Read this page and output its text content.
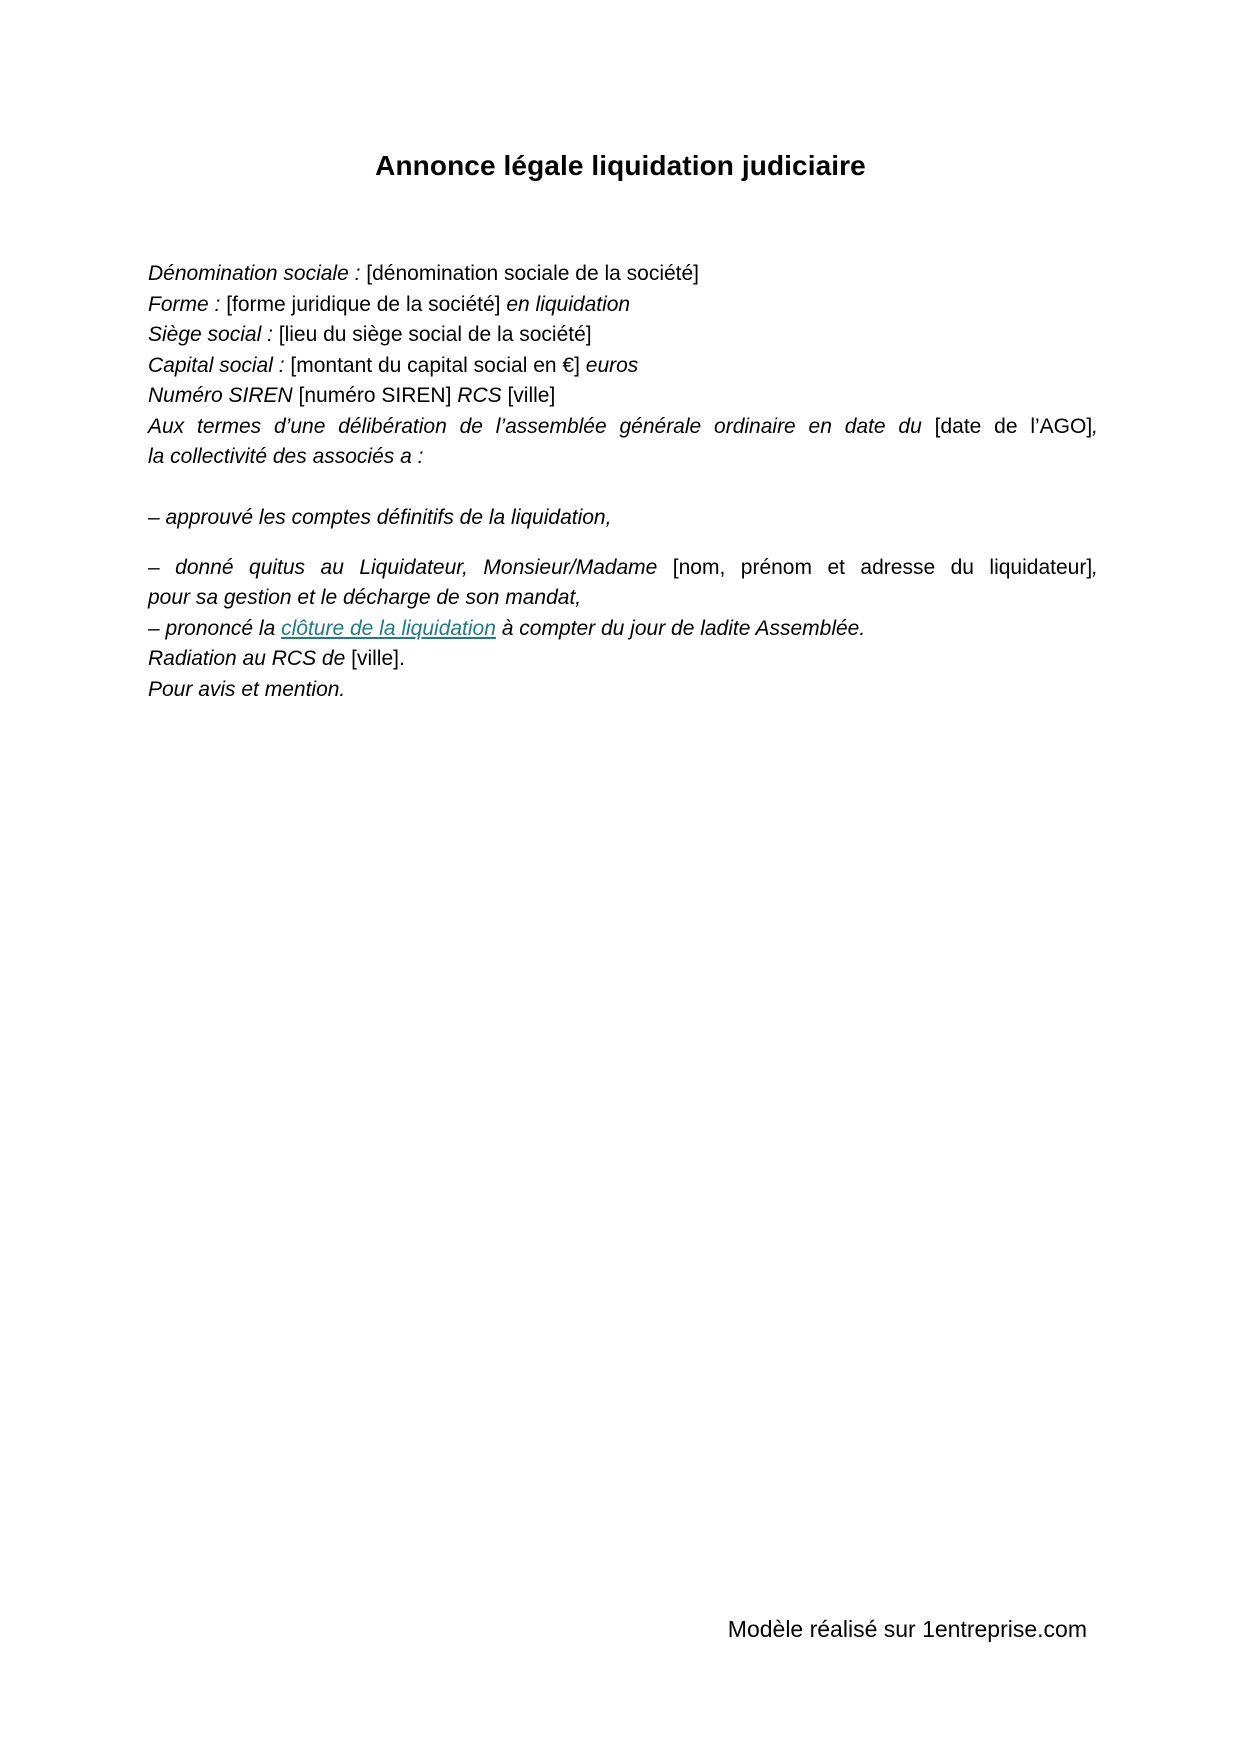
Annonce légale liquidation judiciaire
Dénomination sociale : [dénomination sociale de la société]
Forme : [forme juridique de la société] en liquidation
Siège social : [lieu du siège social de la société]
Capital social : [montant du capital social en €] euros
Numéro SIREN [numéro SIREN] RCS [ville]
Aux termes d’une délibération de l’assemblée générale ordinaire en date du [date de l’AGO],
la collectivité des associés a :
– approuvé les comptes définitifs de la liquidation,
– donné quitus au Liquidateur, Monsieur/Madame [nom, prénom et adresse du liquidateur],
pour sa gestion et le décharge de son mandat,
– prononcé la clôture de la liquidation à compter du jour de ladite Assemblée.
Radiation au RCS de [ville].
Pour avis et mention.
Modèle réalisé sur 1entreprise.com
